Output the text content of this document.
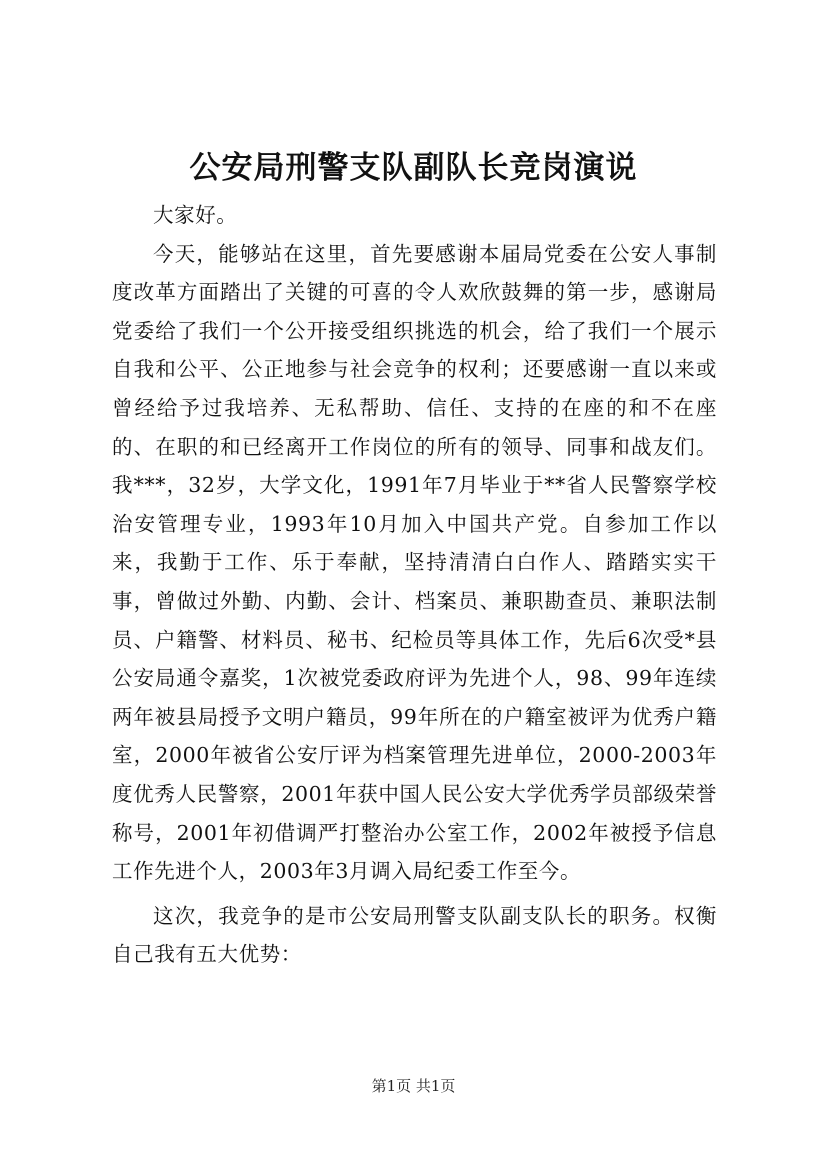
公安局刑警支队副队长竞岗演说

大家好。

今天，能够站在这里，首先要感谢本届局党委在公安人事制度改革方面踏出了关键的可喜的令人欢欣鼓舞的第一步，感谢局党委给了我们一个公开接受组织挑选的机会，给了我们一个展示自我和公平、公正地参与社会竞争的权利；还要感谢一直以来或曾经给予过我培养、无私帮助、信任、支持的在座的和不在座的、在职的和已经离开工作岗位的所有的领导、同事和战友们。我***，32岁，大学文化，1991年7月毕业于**省人民警察学校治安管理专业，1993年10月加入中国共产党。自参加工作以来，我勤于工作、乐于奉献，坚持清清白白作人、踏踏实实干事，曾做过外勤、内勤、会计、档案员、兼职勘查员、兼职法制员、户籍警、材料员、秘书、纪检员等具体工作，先后6次受*县公安局通令嘉奖，1次被党委政府评为先进个人，98、99年连续两年被县局授予文明户籍员，99年所在的户籍室被评为优秀户籍室，2000年被省公安厅评为档案管理先进单位，2000-2003年度优秀人民警察，2001年获中国人民公安大学优秀学员部级荣誉称号，2001年初借调严打整治办公室工作，2002年被授予信息工作先进个人，2003年3月调入局纪委工作至今。

这次，我竞争的是市公安局刑警支队副支队长的职务。权衡自己我有五大优势：

第1页 共1页
